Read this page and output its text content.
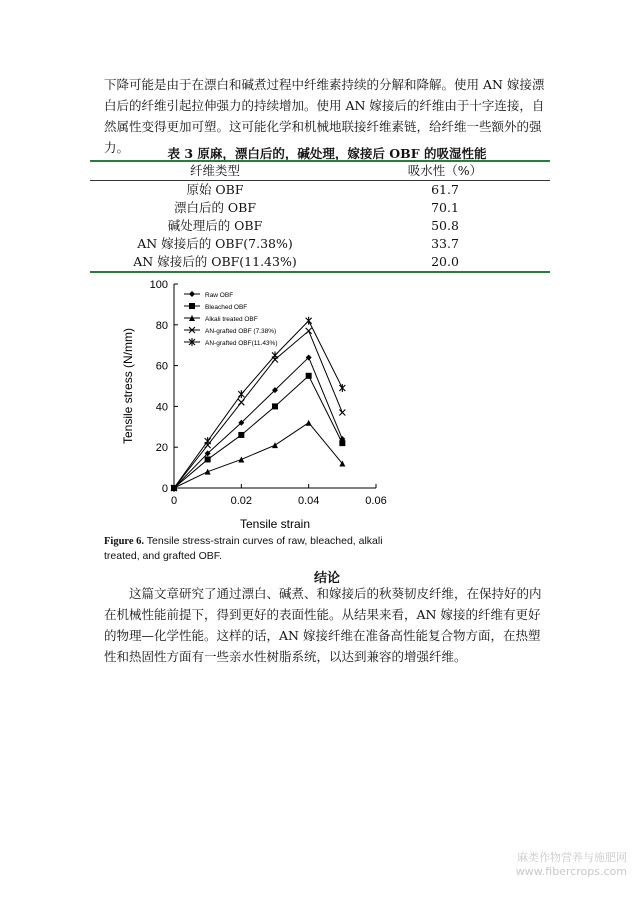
下降可能是由于在漂白和碱煮过程中纤维素持续的分解和降解。使用 AN 嫁接漂白后的纤维引起拉伸强力的持续增加。使用 AN 嫁接后的纤维由于十字连接，自然属性变得更加可塑。这可能化学和机械地联接纤维素链，给纤维一些额外的强力。	表 3 原麻，漂白后的，碱处理，嫁接后 OBF 的吸湿性能
纤维类型	吸水性（%）
原始 OBF	61.7
漂白后的 OBF	70.1
碱处理后的 OBF	50.8
AN 嫁接后的 OBF(7.38%)	33.7
AN 嫁接后的 OBF(11.43%)	20.0
0
20
40
60
80
100
0	0.02	0.04	0.06
Tensile strain
Tensile stress (N/mm)
Raw OBF
Bleached OBF
Alkali treated OBF
AN-grafted OBF (7.38%)
AN-grafted OBF(11.43%)
Figure 6. Tensile stress-strain curves of raw, bleached, alkali treated, and grafted OBF.
结论

这篇文章研究了通过漂白、碱煮、和嫁接后的秋葵韧皮纤维，在保持好的内在机械性能前提下，得到更好的表面性能。从结果来看，AN 嫁接的纤维有更好的物理—化学性能。这样的话，AN 嫁接纤维在准备高性能复合物方面，在热塑性和热固性方面有一些亲水性树脂系统，以达到兼容的增强纤维。

麻类作物营养与施肥网
www.fibercrops.com
